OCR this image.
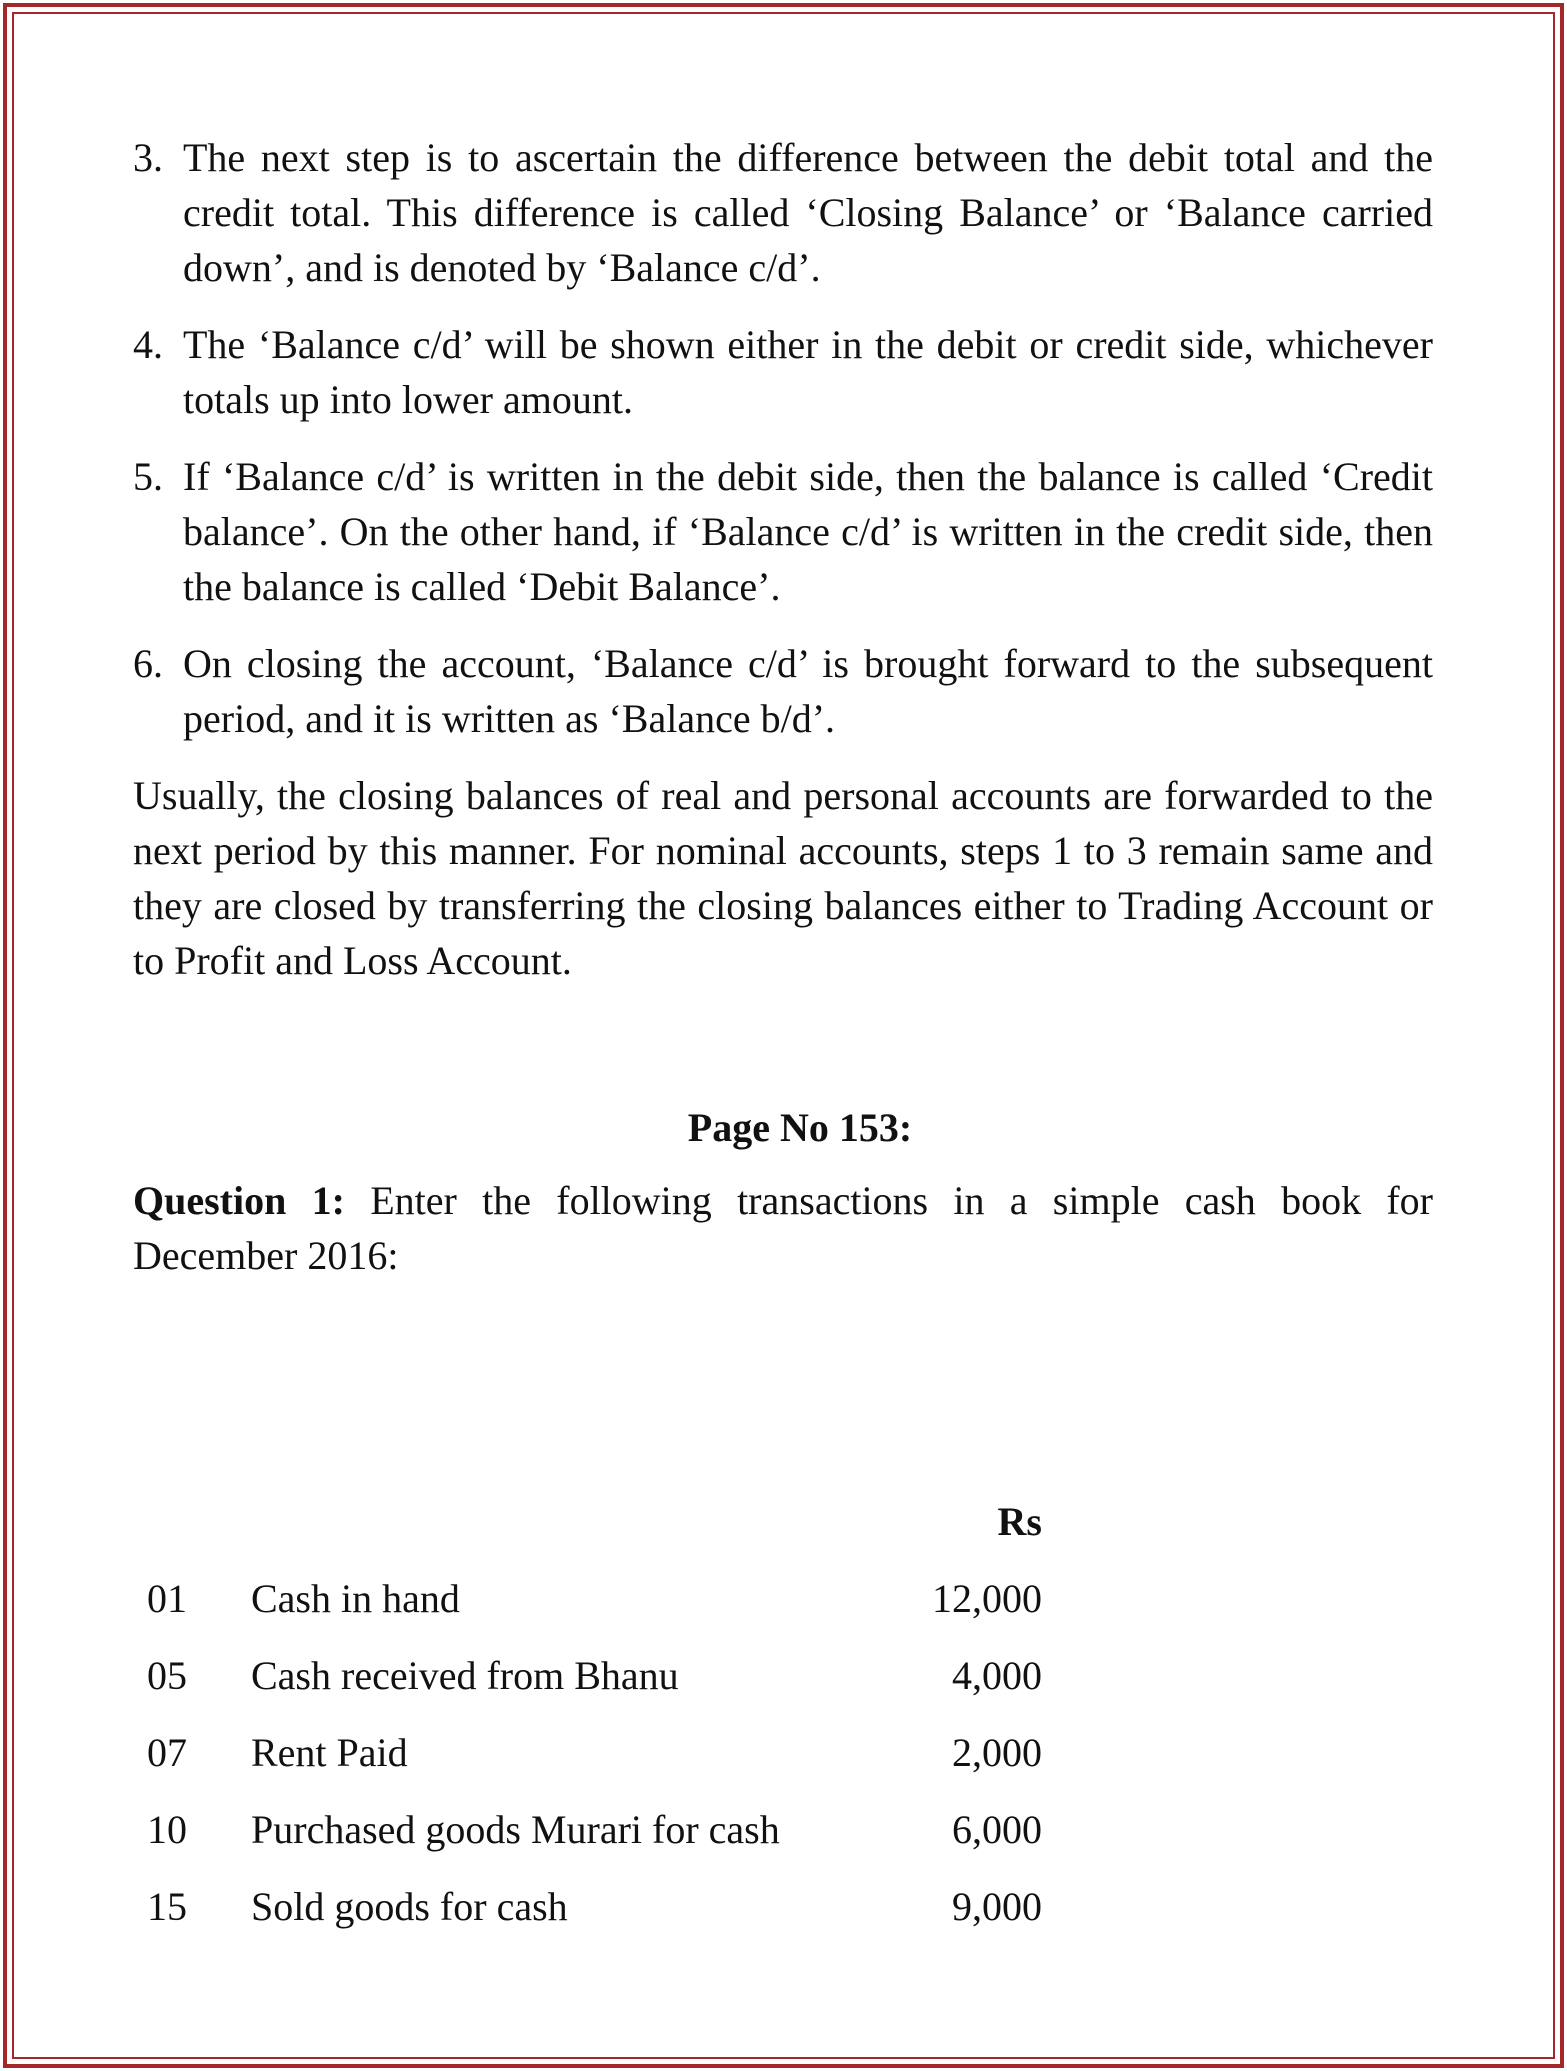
3. The next step is to ascertain the difference between the debit total and the credit total. This difference is called ‘Closing Balance’ or ‘Balance carried down’, and is denoted by ‘Balance c/d’.
4. The ‘Balance c/d’ will be shown either in the debit or credit side, whichever totals up into lower amount.
5. If ‘Balance c/d’ is written in the debit side, then the balance is called ‘Credit balance’. On the other hand, if ‘Balance c/d’ is written in the credit side, then the balance is called ‘Debit Balance’.
6. On closing the account, ‘Balance c/d’ is brought forward to the subsequent period, and it is written as ‘Balance b/d’.

Usually, the closing balances of real and personal accounts are forwarded to the next period by this manner. For nominal accounts, steps 1 to 3 remain same and they are closed by transferring the closing balances either to Trading Account or to Profit and Loss Account.

Page No 153:

Question 1: Enter the following transactions in a simple cash book for December 2016:

Rs
01	Cash in hand	12,000
05	Cash received from Bhanu	4,000
07	Rent Paid	2,000
10	Purchased goods Murari for cash	6,000
15	Sold goods for cash	9,000
